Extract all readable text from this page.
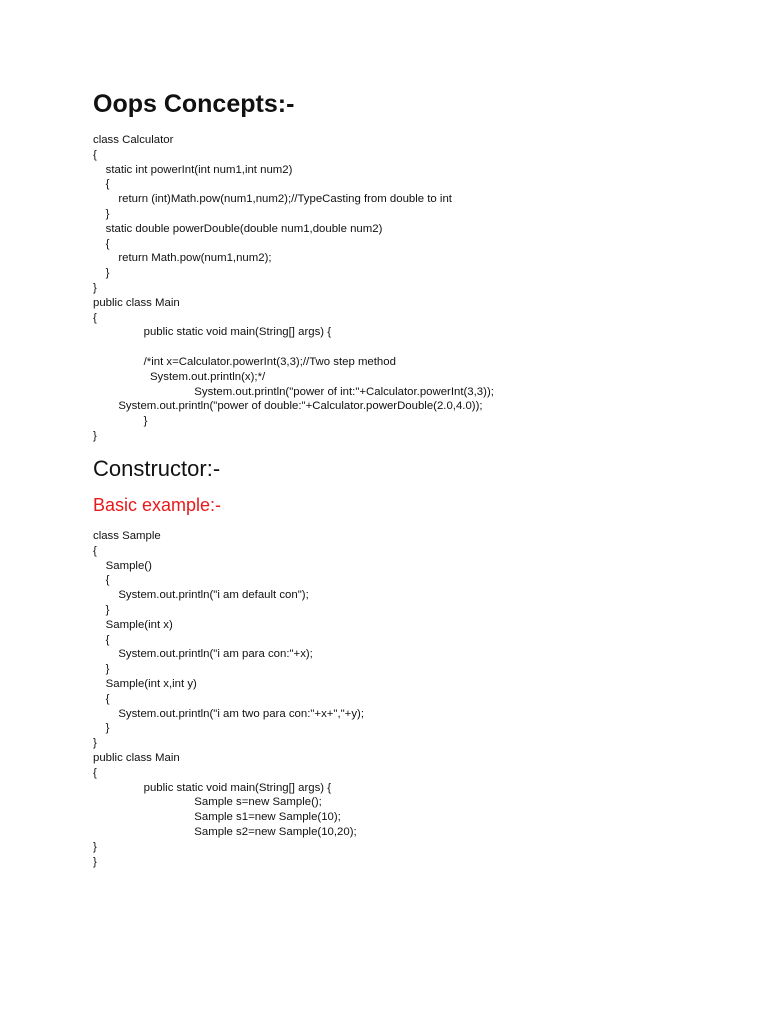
Oops Concepts:-
class Calculator
{
static int powerInt(int num1,int num2)
{
return (int)Math.pow(num1,num2);//TypeCasting from double to int
}
static double powerDouble(double num1,double num2)
{
return Math.pow(num1,num2);
}
}
public class Main
{
public static void main(String[] args) {
/*int x=Calculator.powerInt(3,3);//Two step method
System.out.println(x);*/
System.out.println("power of int:"+Calculator.powerInt(3,3));
System.out.println("power of double:"+Calculator.powerDouble(2.0,4.0));
}
}
Constructor:-
Basic example:-
class Sample
{
Sample()
{
System.out.println("i am default con");
}
Sample(int x)
{
System.out.println("i am para con:"+x);
}
Sample(int x,int y)
{
System.out.println("i am two para con:"+x+","+y);
}
}
public class Main
{
public static void main(String[] args) {
Sample s=new Sample();
Sample s1=new Sample(10);
Sample s2=new Sample(10,20);
}
}
